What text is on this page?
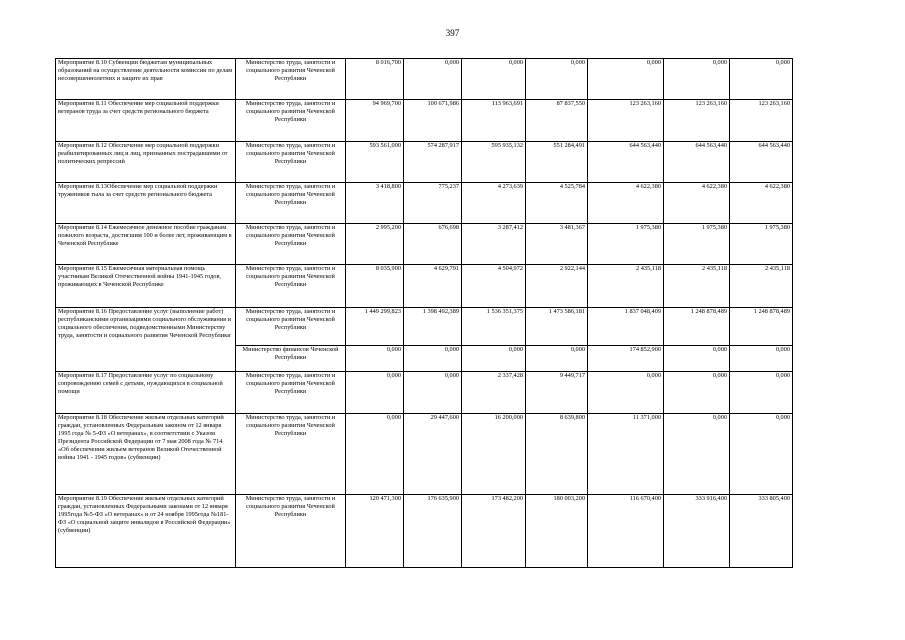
397
Мероприятие 8.10 Субвенции бюджетам муниципальных образований на осуществление деятельности комиссии по делам несовершеннолетних и защите их прав	Министерство труда, занятости и социального развития Чеченской Республики	8 016,700	0,000	0,000	0,000	0,000	0,000	0,000
Мероприятие 8.11 Обеспечение мер социальной поддержки ветеранов труда за счет средств регионального бюджета	Министерство труда, занятости и социального развития Чеченской Республики	94 969,700	100 671,986	113 963,691	87 837,550	123 263,160	123 263,160	123 263,160
Мероприятие 8.12 Обеспечение мер социальной поддержки реабилитированных лиц и лиц, признанных пострадавшими от политических репрессий	Министерство труда, занятости и социального развития Чеченской Республики	593 561,000	574 287,917	595 935,132	551 284,491	644 563,440	644 563,440	644 563,440
Мероприятие 8.13Обеспечение мер социальной поддержки тружеников тыла за счет средств регионального бюджета	Министерство труда, занятости и социального развития Чеченской Республики	3 418,800	775,237	4 273,639	4 525,784	4 622,380	4 622,380	4 622,380
Мероприятие 8.14 Ежемесячное денежное пособие гражданам пожилого возраста, достигшим 100 и более лет, проживающим в Чеченской Республике	Министерство труда, занятости и социального развития Чеченской Республики	2 995,200	676,698	3 287,412	3 481,367	1 975,380	1 975,380	1 975,380
Мероприятие 8.15 Ежемесячная материальная помощь участникам Великой Отечественной войны 1941-1945 годов, проживающих в Чеченской Республике	Министерство труда, занятости и социального развития Чеченской Республики	8 035,900	4 629,791	4 504,972	2 922,144	2 435,118	2 435,118	2 435,118
Мероприятие 8.16 Предоставление услуг (выполнение работ) республиканскими организациями социального обслуживания и социального обеспечения, подведомственными Министерству труда, занятости и социального развития Чеченской Республики	Министерство труда, занятости и социального развития Чеченской Республики	1 449 299,823	1 398 492,389	1 536 351,375	1 473 586,181	1 837 048,409	1 248 878,489	1 248 878,489
	Министерство финансов Чеченской Республики	0,000	0,000	0,000	0,000	174 852,900	0,000	0,000
Мероприятие 8.17 Предоставление услуг по социальному сопровождению семей с детьми, нуждающихся в социальной помощи	Министерство труда, занятости и социального развития Чеченской Республики	0,000	0,000	2 337,428	9 449,717	0,000	0,000	0,000
Мероприятие 8.18 Обеспечение жильем отдельных категорий граждан, установленных Федеральным законом от 12 января 1995 года № 5-ФЗ «О ветеранах», в соответствии с Указом Президента Российской Федерации от 7 мая 2008 года № 714 «Об обеспечении жильем ветеранов Великой Отечественной войны 1941 - 1945 годов» (субвенции)	Министерство труда, занятости и социального развития Чеченской Республики	0,000	29 447,600	16 200,000	8 639,800	11 371,000	0,000	0,000
Мероприятие 8.19 Обеспечение жильем отдельных категорий граждан, установленных Федеральными законами от 12 января 1995года №5-ФЗ «О ветеранах» и от 24 ноября 1995года №181-ФЗ «О социальной защите инвалидов в Российской Федерации» (субвенции)	Министерство труда, занятости и социального развития Чеченской Республики	120 471,300	176 635,900	173 482,200	180 003,200	116 670,400	333 916,400	333 805,400
